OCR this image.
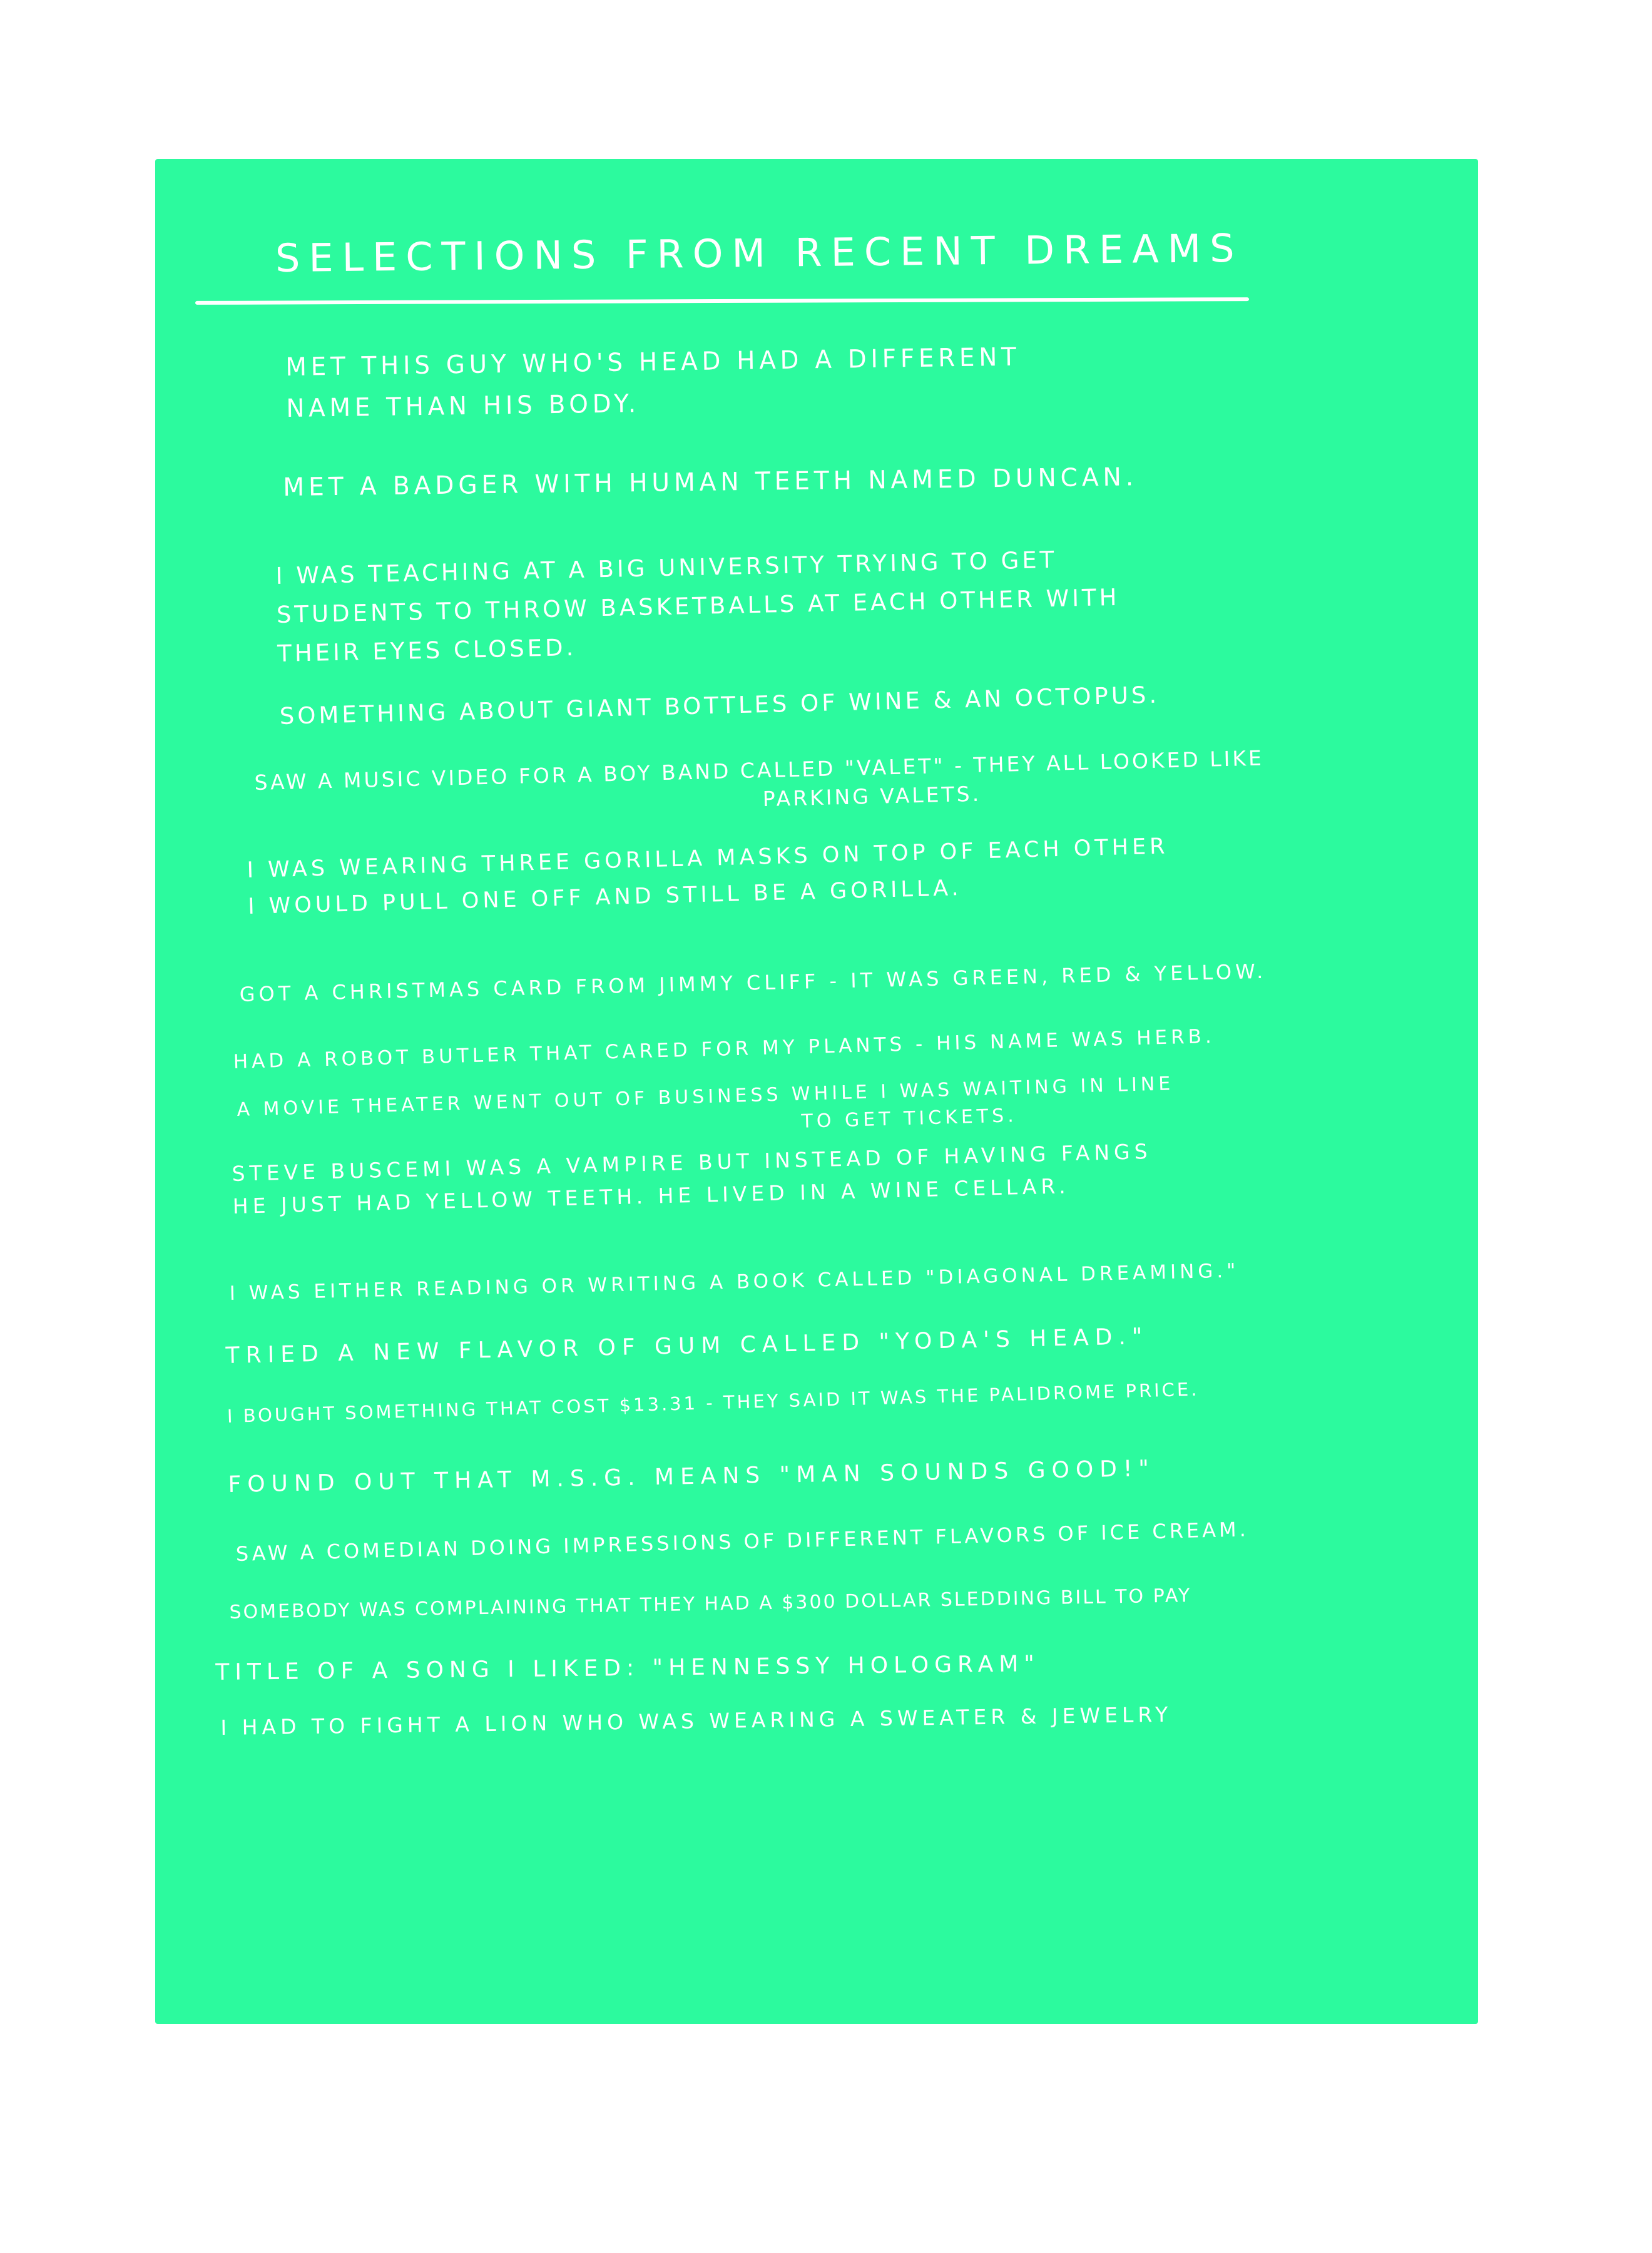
SELECTIONS FROM RECENT DREAMS
MET THIS GUY WHO'S HEAD HAD A DIFFERENT
NAME THAN HIS BODY.
MET A BADGER WITH HUMAN TEETH NAMED DUNCAN.
I WAS TEACHING AT A BIG UNIVERSITY TRYING TO GET
STUDENTS TO THROW BASKETBALLS AT EACH OTHER WITH
THEIR EYES CLOSED.
SOMETHING ABOUT GIANT BOTTLES OF WINE & AN OCTOPUS.
SAW A MUSIC VIDEO FOR A BOY BAND CALLED "VALET" - THEY ALL LOOKED LIKE
PARKING VALETS.
I WAS WEARING THREE GORILLA MASKS ON TOP OF EACH OTHER
I WOULD PULL ONE OFF AND STILL BE A GORILLA.
GOT A CHRISTMAS CARD FROM JIMMY CLIFF - IT WAS GREEN, RED & YELLOW.
HAD A ROBOT BUTLER THAT CARED FOR MY PLANTS - HIS NAME WAS HERB.
A MOVIE THEATER WENT OUT OF BUSINESS WHILE I WAS WAITING IN LINE
TO GET TICKETS.
STEVE BUSCEMI WAS A VAMPIRE BUT INSTEAD OF HAVING FANGS
HE JUST HAD YELLOW TEETH. HE LIVED IN A WINE CELLAR.
I WAS EITHER READING OR WRITING A BOOK CALLED "DIAGONAL DREAMING."
TRIED A NEW FLAVOR OF GUM CALLED "YODA'S HEAD."
I BOUGHT SOMETHING THAT COST $13.31 - THEY SAID IT WAS THE PALIDROME PRICE.
FOUND OUT THAT M.S.G. MEANS "MAN SOUNDS GOOD!"
SAW A COMEDIAN DOING IMPRESSIONS OF DIFFERENT FLAVORS OF ICE CREAM.
SOMEBODY WAS COMPLAINING THAT THEY HAD A $300 DOLLAR SLEDDING BILL TO PAY
TITLE OF A SONG I LIKED: "HENNESSY HOLOGRAM"
I HAD TO FIGHT A LION WHO WAS WEARING A SWEATER & JEWELRY
